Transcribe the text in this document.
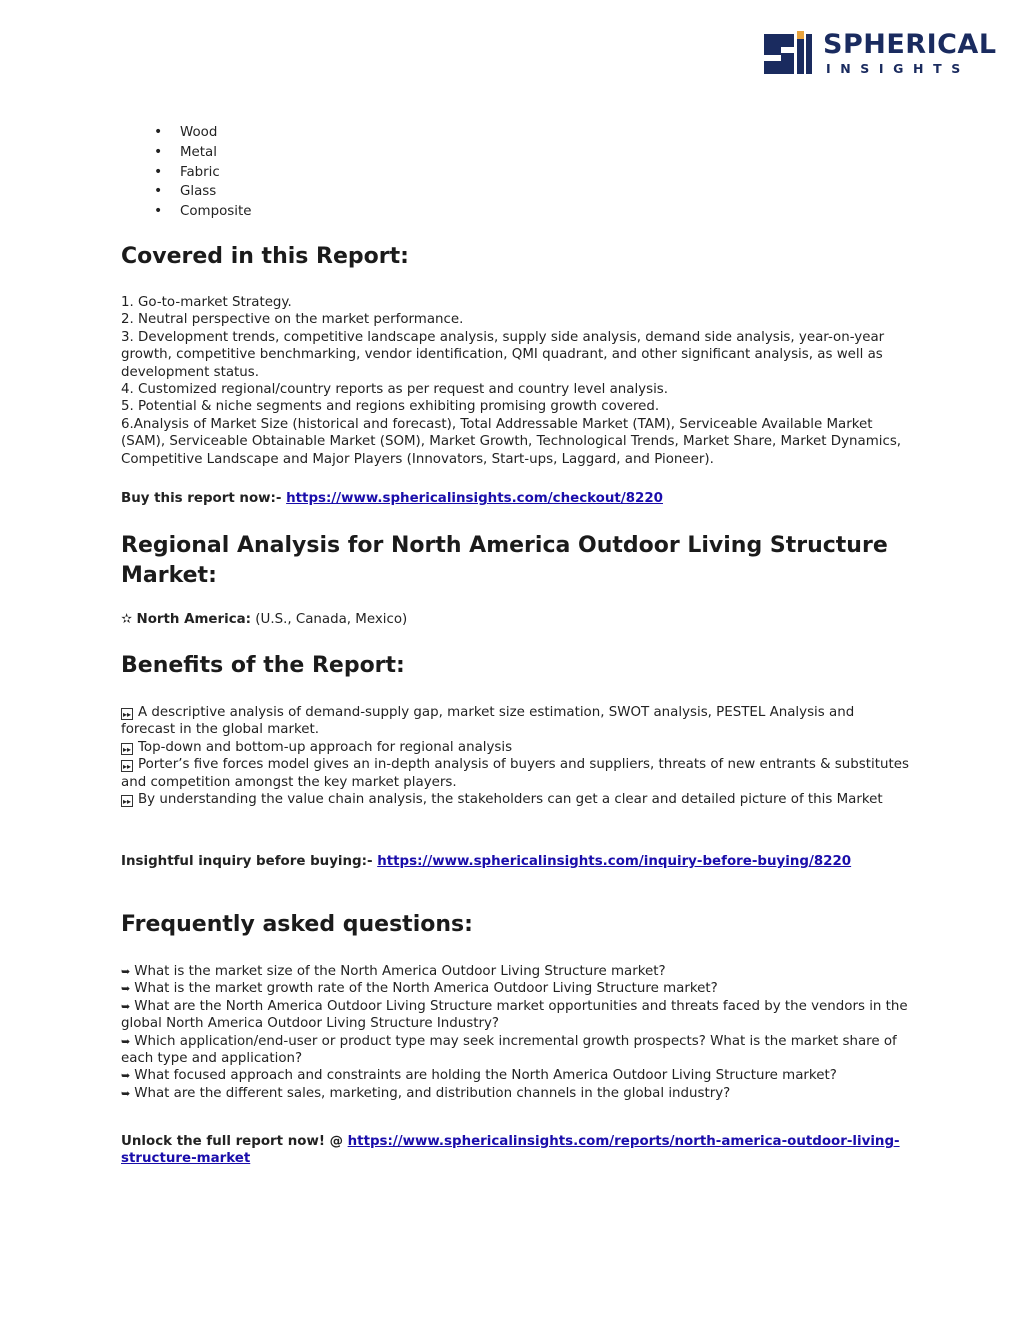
SPHERICAL
INSIGHTS
• Wood
• Metal
• Fabric
• Glass
• Composite
Covered in this Report:

1. Go-to-market Strategy.

2. Neutral perspective on the market performance.

3. Development trends, competitive landscape analysis, supply side analysis, demand side analysis, year-on-year growth, competitive benchmarking, vendor identification, QMI quadrant, and other significant analysis, as well as development status.

4. Customized regional/country reports as per request and country level analysis.

5. Potential & niche segments and regions exhibiting promising growth covered.

6.Analysis of Market Size (historical and forecast), Total Addressable Market (TAM), Serviceable Available Market (SAM), Serviceable Obtainable Market (SOM), Market Growth, Technological Trends, Market Share, Market Dynamics, Competitive Landscape and Major Players (Innovators, Start-ups, Laggard, and Pioneer).

Buy this report now:- https://www.sphericalinsights.com/checkout/8220
Regional Analysis for North America Outdoor Living Structure Market:
✫ North America: (U.S., Canada, Mexico)
Benefits of the Report:

▸▸ A descriptive analysis of demand-supply gap, market size estimation, SWOT analysis, PESTEL Analysis and forecast in the global market.

▸▸ Top-down and bottom-up approach for regional analysis

▸▸ Porter’s five forces model gives an in-depth analysis of buyers and suppliers, threats of new entrants & substitutes and competition amongst the key market players.

▸▸ By understanding the value chain analysis, the stakeholders can get a clear and detailed picture of this Market

Insightful inquiry before buying:- https://www.sphericalinsights.com/inquiry-before-buying/8220
Frequently asked questions:

➥ What is the market size of the North America Outdoor Living Structure market?

➥ What is the market growth rate of the North America Outdoor Living Structure market?

➥ What are the North America Outdoor Living Structure market opportunities and threats faced by the vendors in the global North America Outdoor Living Structure Industry?

➥ Which application/end-user or product type may seek incremental growth prospects? What is the market share of each type and application?

➥ What focused approach and constraints are holding the North America Outdoor Living Structure market?

➥ What are the different sales, marketing, and distribution channels in the global industry?

Unlock the full report now! @ https://www.sphericalinsights.com/reports/north-america-outdoor-living-structure-market
